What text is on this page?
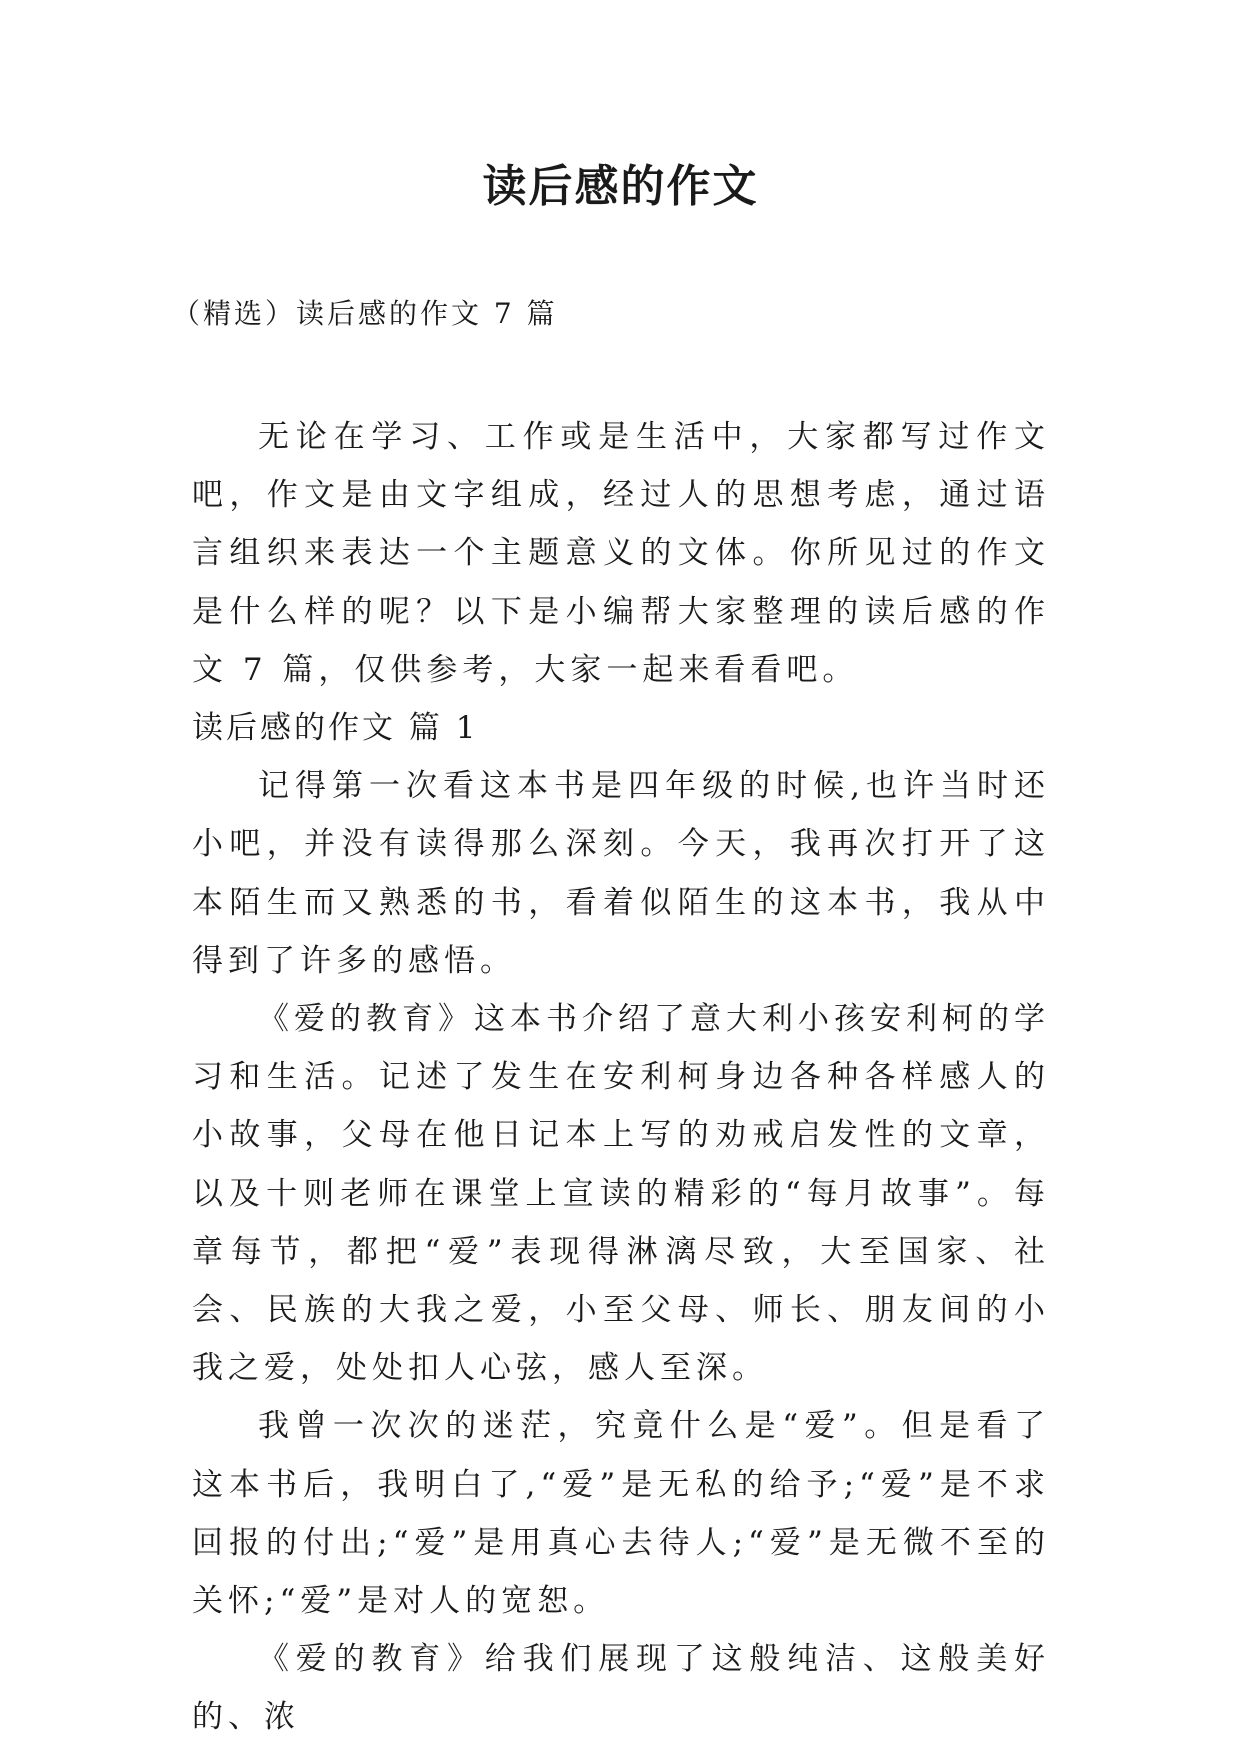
读后感的作文

（精选）读后感的作文 7 篇

无论在学习、工作或是生活中，大家都写过作文吧，作文是由文字组成，经过人的思想考虑，通过语言组织来表达一个主题意义的文体。你所见过的作文是什么样的呢？以下是小编帮大家整理的读后感的作文 7 篇，仅供参考，大家一起来看看吧。

读后感的作文 篇 1

记得第一次看这本书是四年级的时候,也许当时还小吧，并没有读得那么深刻。今天，我再次打开了这本陌生而又熟悉的书，看着似陌生的这本书，我从中得到了许多的感悟。

《爱的教育》这本书介绍了意大利小孩安利柯的学习和生活。记述了发生在安利柯身边各种各样感人的小故事，父母在他日记本上写的劝戒启发性的文章，以及十则老师在课堂上宣读的精彩的“每月故事”。每章每节，都把“爱”表现得淋漓尽致，大至国家、社会、民族的大我之爱，小至父母、师长、朋友间的小我之爱，处处扣人心弦，感人至深。

我曾一次次的迷茫，究竟什么是“爱”。但是看了这本书后，我明白了,“爱”是无私的给予;“爱”是不求回报的付出;“爱”是用真心去待人;“爱”是无微不至的关怀;“爱”是对人的宽恕。

《爱的教育》给我们展现了这般纯洁、这般美好的、浓
